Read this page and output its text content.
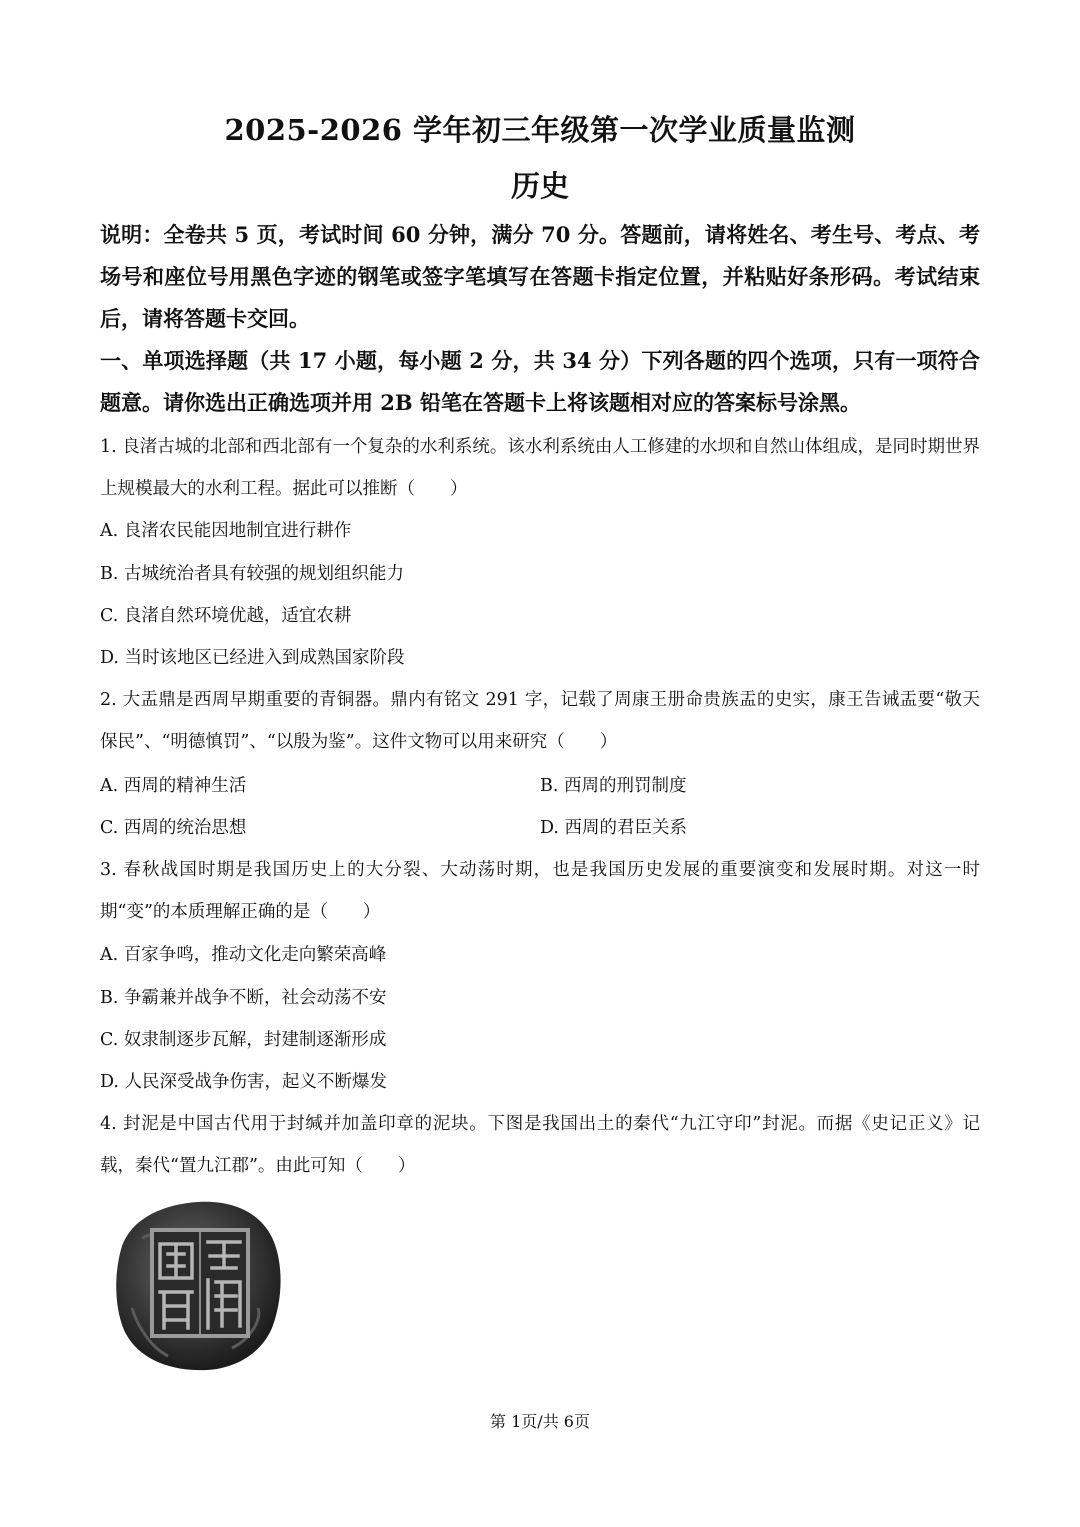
2025-2026 学年初三年级第一次学业质量监测
历史
说明：全卷共 5 页，考试时间 60 分钟，满分 70 分。答题前，请将姓名、考生号、考点、考场号和座位号用黑色字迹的钢笔或签字笔填写在答题卡指定位置，并粘贴好条形码。考试结束后，请将答题卡交回。
一、单项选择题（共 17 小题，每小题 2 分，共 34 分）下列各题的四个选项，只有一项符合题意。请你选出正确选项并用 2B 铅笔在答题卡上将该题相对应的答案标号涂黑。
1. 良渚古城的北部和西北部有一个复杂的水利系统。该水利系统由人工修建的水坝和自然山体组成，是同时期世界上规模最大的水利工程。据此可以推断（　　）
A. 良渚农民能因地制宜进行耕作
B. 古城统治者具有较强的规划组织能力
C. 良渚自然环境优越，适宜农耕
D. 当时该地区已经进入到成熟国家阶段
2. 大盂鼎是西周早期重要的青铜器。鼎内有铭文 291 字，记载了周康王册命贵族盂的史实，康王告诫盂要“敬天保民”、“明德慎罚”、“以殷为鉴”。这件文物可以用来研究（　　）
A. 西周的精神生活	B. 西周的刑罚制度
C. 西周的统治思想	D. 西周的君臣关系
3. 春秋战国时期是我国历史上的大分裂、大动荡时期，也是我国历史发展的重要演变和发展时期。对这一时期“变”的本质理解正确的是（　　）
A. 百家争鸣，推动文化走向繁荣高峰
B. 争霸兼并战争不断，社会动荡不安
C. 奴隶制逐步瓦解，封建制逐渐形成
D. 人民深受战争伤害，起义不断爆发
4. 封泥是中国古代用于封缄并加盖印章的泥块。下图是我国出土的秦代“九江守印”封泥。而据《史记正义》记载，秦代“置九江郡”。由此可知（　　）
第 1页/共 6页
